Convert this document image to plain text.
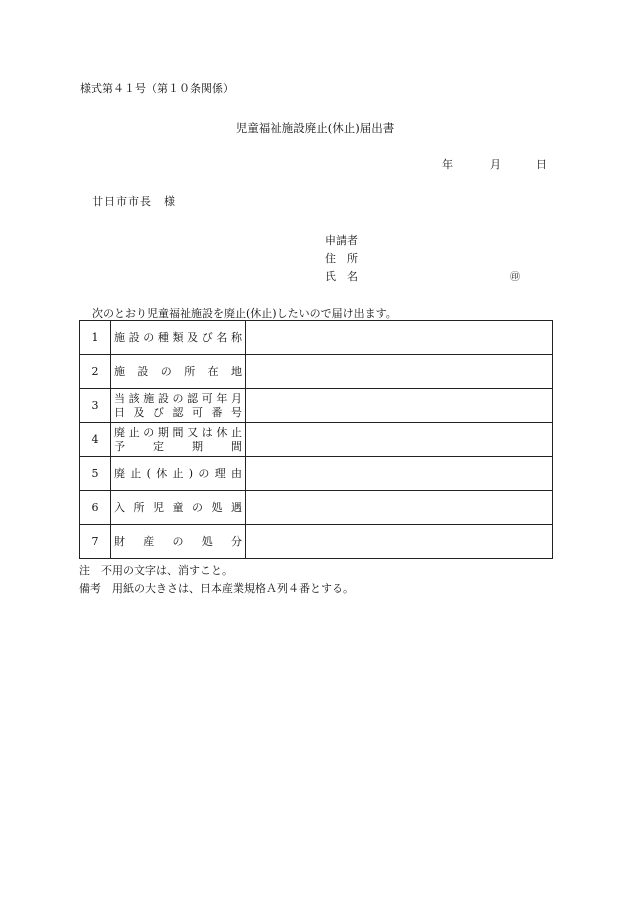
様式第４１号（第１０条関係）
児童福祉施設廃止(休止)届出書
年	月	日
廿日市市長　様
申請者
住　所
氏　名	㊞
次のとおり児童福祉施設を廃止(休止)したいので届け出ます。
1	施設の種類及び名称	

2	施設の所在地	

3	当該施設の認可年月
日及び認可番号	

4	廃止の期間又は休止
予定期間	

5	廃止(休止)の理由	

6	入所児童の処遇	

7	財産の処分	

注　不用の文字は、消すこと。
備考　用紙の大きさは、日本産業規格Ａ列４番とする。
